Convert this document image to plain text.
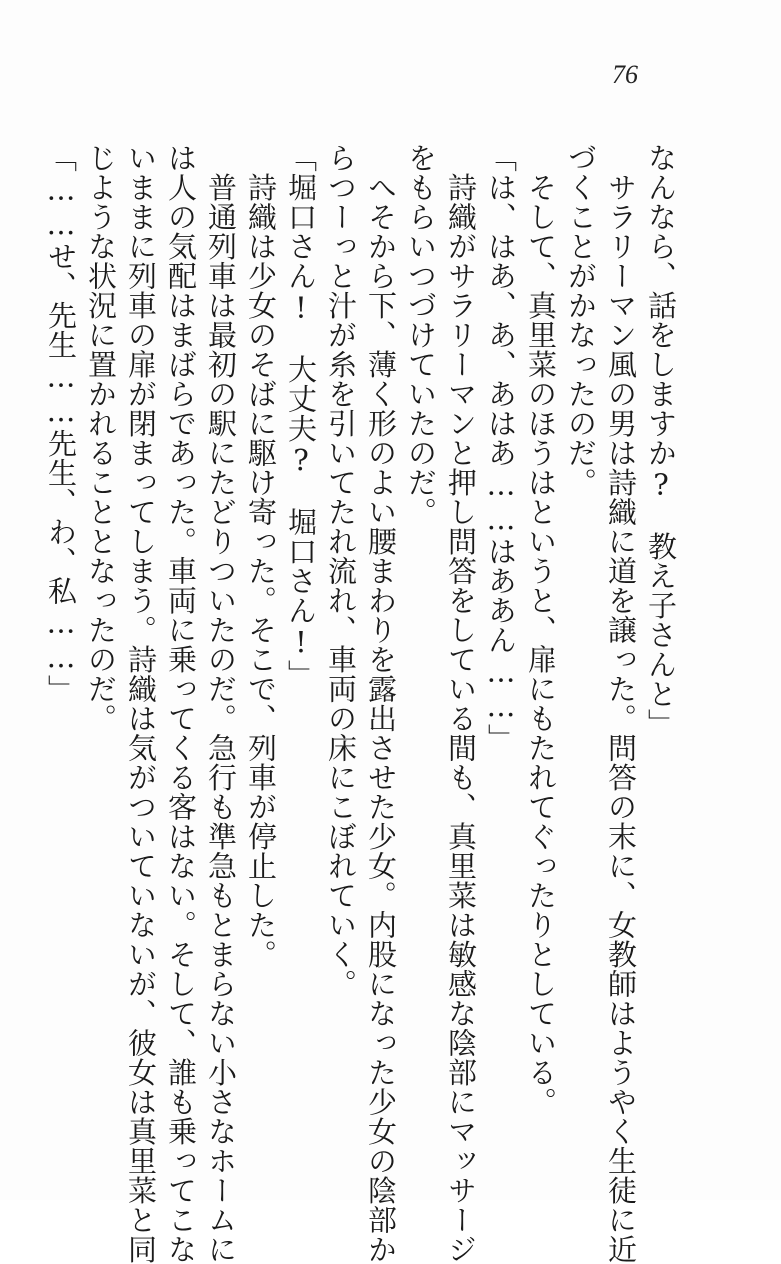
76
なんなら、話をしますか?　教え子さんと」
　サラリーマン風の男は詩織に道を譲った。問答の末に、女教師はようやく生徒に近
づくことがかなったのだ。
　そして、真里菜のほうはというと、扉にもたれてぐったりとしている。
「は、はあ、あ、あはあ……はああん……」
　詩織がサラリーマンと押し問答をしている間も、真里菜は敏感な陰部にマッサージ
をもらいつづけていたのだ。
　へそから下、薄く形のよい腰まわりを露出させた少女。内股になった少女の陰部か
らつーっと汁が糸を引いてたれ流れ、車両の床にこぼれていく。
「堀口さん!　大丈夫?　堀口さん!」
　詩織は少女のそばに駆け寄った。そこで、列車が停止した。
　普通列車は最初の駅にたどりついたのだ。急行も準急もとまらない小さなホームに
は人の気配はまばらであった。車両に乗ってくる客はない。そして、誰も乗ってこな
いままに列車の扉が閉まってしまう。詩織は気がついていないが、彼女は真里菜と同
じような状況に置かれることとなったのだ。
「……せ、先生……先生、わ、私……」
